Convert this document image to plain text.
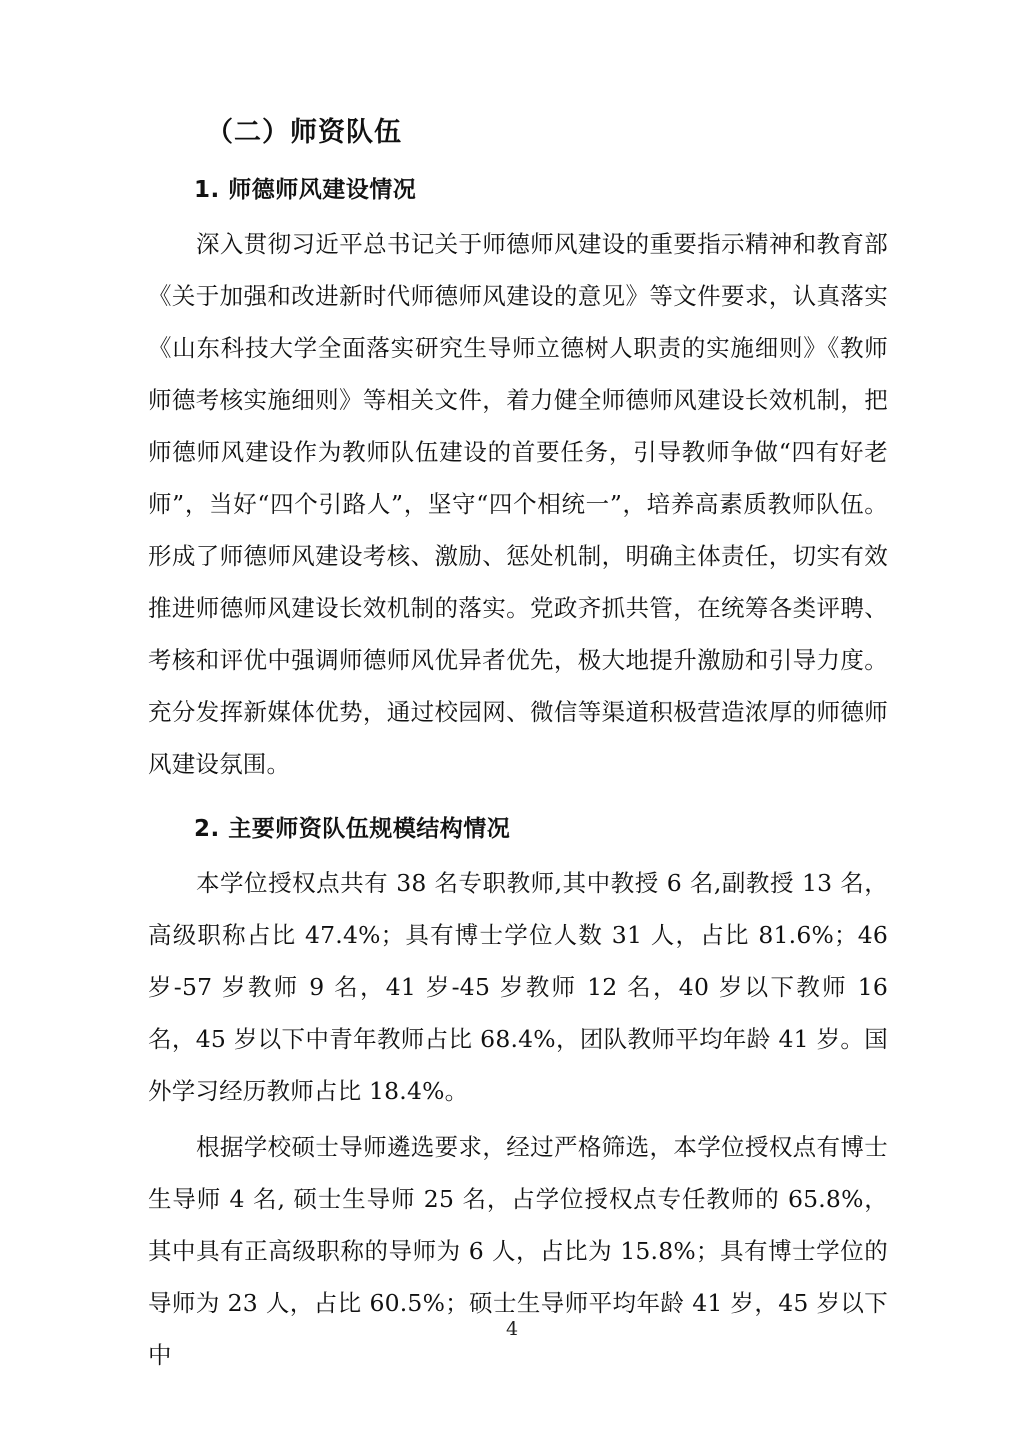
（二）师资队伍
1. 师德师风建设情况

深入贯彻习近平总书记关于师德师风建设的重要指示精神和教育部《关于加强和改进新时代师德师风建设的意见》等文件要求，认真落实《山东科技大学全面落实研究生导师立德树人职责的实施细则》《教师师德考核实施细则》等相关文件，着力健全师德师风建设长效机制，把师德师风建设作为教师队伍建设的首要任务，引导教师争做“四有好老师”，当好“四个引路人”，坚守“四个相统一”，培养高素质教师队伍。形成了师德师风建设考核、激励、惩处机制，明确主体责任，切实有效推进师德师风建设长效机制的落实。党政齐抓共管，在统筹各类评聘、考核和评优中强调师德师风优异者优先，极大地提升激励和引导力度。充分发挥新媒体优势，通过校园网、微信等渠道积极营造浓厚的师德师风建设氛围。

2. 主要师资队伍规模结构情况

本学位授权点共有 38 名专职教师,其中教授 6 名,副教授 13 名，高级职称占比 47.4%；具有博士学位人数 31 人，占比 81.6%；46 岁-57 岁教师 9 名，41 岁-45 岁教师 12 名，40 岁以下教师 16 名，45 岁以下中青年教师占比 68.4%，团队教师平均年龄 41 岁。国外学习经历教师占比 18.4%。

根据学校硕士导师遴选要求，经过严格筛选，本学位授权点有博士生导师 4 名, 硕士生导师 25 名，占学位授权点专任教师的 65.8%，其中具有正高级职称的导师为 6 人，占比为 15.8%；具有博士学位的导师为 23 人，占比 60.5%；硕士生导师平均年龄 41 岁，45 岁以下中

4
